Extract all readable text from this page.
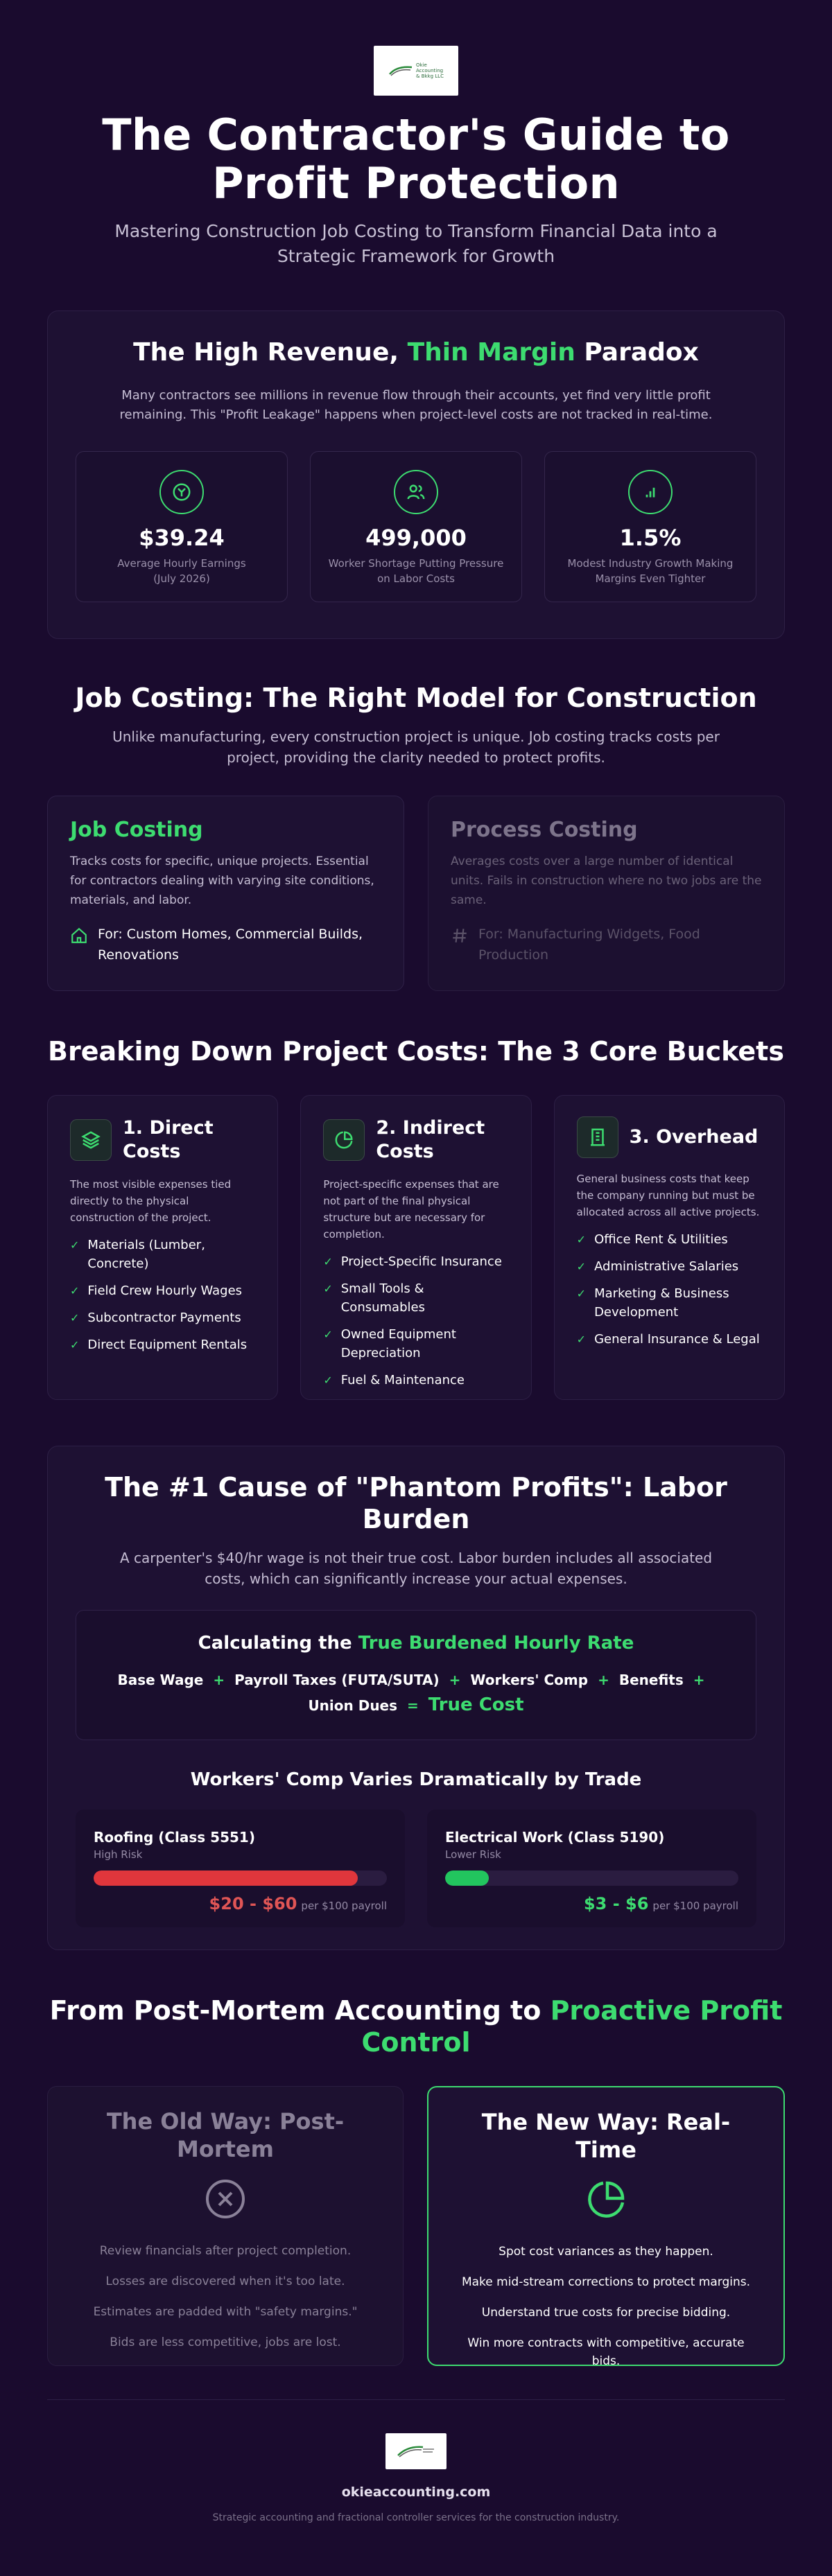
Okie
Accounting
& Bkkg LLC
The Contractor's Guide to Profit Protection

Mastering Construction Job Costing to Transform Financial Data into a Strategic Framework for Growth

The High Revenue, Thin Margin Paradox

Many contractors see millions in revenue flow through their accounts, yet find very little profit remaining. This "Profit Leakage" happens when project-level costs are not tracked in real-time.

$39.24
Average Hourly Earnings (July 2026)
499,000
Worker Shortage Putting Pressure on Labor Costs
1.5%
Modest Industry Growth Making Margins Even Tighter
Job Costing: The Right Model for Construction

Unlike manufacturing, every construction project is unique. Job costing tracks costs per project, providing the clarity needed to protect profits.

Job Costing

Tracks costs for specific, unique projects. Essential for contractors dealing with varying site conditions, materials, and labor.

For: Custom Homes, Commercial Builds, Renovations
Process Costing

Averages costs over a large number of identical units. Fails in construction where no two jobs are the same.

For: Manufacturing Widgets, Food Production
Breaking Down Project Costs: The 3 Core Buckets
1. Direct Costs

The most visible expenses tied directly to the physical construction of the project.

✓ Materials (Lumber, Concrete)
✓ Field Crew Hourly Wages
✓ Subcontractor Payments
✓ Direct Equipment Rentals
2. Indirect Costs

Project-specific expenses that are not part of the final physical structure but are necessary for completion.

✓ Project-Specific Insurance
✓ Small Tools & Consumables
✓ Owned Equipment Depreciation
✓ Fuel & Maintenance
3. Overhead

General business costs that keep the company running but must be allocated across all active projects.

✓ Office Rent & Utilities
✓ Administrative Salaries
✓ Marketing & Business Development
✓ General Insurance & Legal
The #1 Cause of "Phantom Profits": Labor Burden

A carpenter's $40/hr wage is not their true cost. Labor burden includes all associated costs, which can significantly increase your actual expenses.

Calculating the True Burdened Hourly Rate
Base Wage + Payroll Taxes (FUTA/SUTA) + Workers' Comp + Benefits +
Union Dues = True Cost
Workers' Comp Varies Dramatically by Trade
Roofing (Class 5551)
High Risk
$20 - $60 per $100 payroll
Electrical Work (Class 5190)
Lower Risk
$3 - $6 per $100 payroll
From Post-Mortem Accounting to Proactive Profit Control
The Old Way: Post-Mortem
Review financials after project completion.
Losses are discovered when it's too late.
Estimates are padded with "safety margins."
Bids are less competitive, jobs are lost.
The New Way: Real-Time
Spot cost variances as they happen.
Make mid-stream corrections to protect margins.
Understand true costs for precise bidding.
Win more contracts with competitive, accurate bids.
okieaccounting.com
Strategic accounting and fractional controller services for the construction industry.
